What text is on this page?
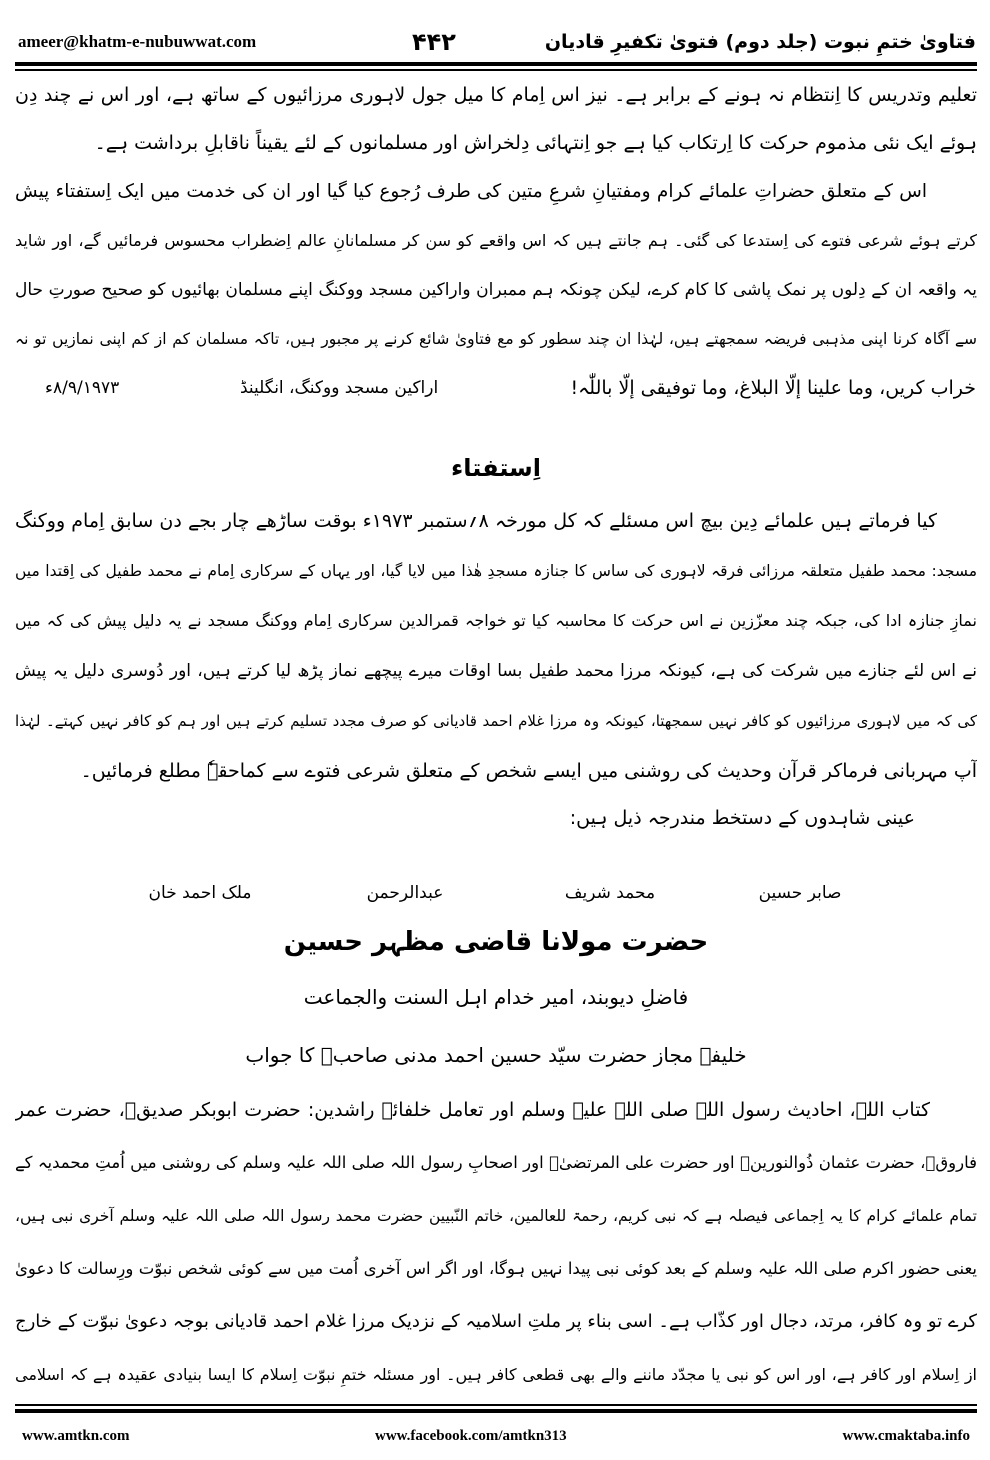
ameer@khatm-e-nubuwwat.com	۴۴۲	فتاویٰ ختمِ نبوت (جلد دوم) فتویٰ تکفیرِ قادیان
تعلیم وتدریس کا اِنتظام نہ ہونے کے برابر ہے۔ نیز اس اِمام کا میل جول لاہوری مرزائیوں کے ساتھ ہے، اور اس نے چند دِن
ہوئے ایک نئی مذموم حرکت کا اِرتکاب کیا ہے جو اِنتہائی دِلخراش اور مسلمانوں کے لئے یقیناً ناقابلِ برداشت ہے۔
اس کے متعلق حضراتِ علمائے کرام ومفتیانِ شرعِ متین کی طرف رُجوع کیا گیا اور ان کی خدمت میں ایک اِستفتاء پیش
کرتے ہوئے شرعی فتوے کی اِستدعا کی گئی۔ ہم جانتے ہیں کہ اس واقعے کو سن کر مسلمانانِ عالم اِضطراب محسوس فرمائیں گے، اور شاید
یہ واقعہ ان کے دِلوں پر نمک پاشی کا کام کرے، لیکن چونکہ ہم ممبران واراکین مسجد ووکنگ اپنے مسلمان بھائیوں کو صحیح صورتِ حال
سے آگاہ کرنا اپنی مذہبی فریضہ سمجھتے ہیں، لہٰذا ان چند سطور کو مع فتاویٰ شائع کرنے پر مجبور ہیں، تاکہ مسلمان کم از کم اپنی نمازیں تو نہ
خراب کریں، وما علینا إلّا البلاغ، وما توفیقی إلّا باللّٰہ!
اراکین مسجد ووکنگ، انگلینڈ
۸/۹/۱۹۷۳ء
اِستفتاء
کیا فرماتے ہیں علمائے دِین بیچ اس مسئلے کہ کل مورخہ ۸؍ستمبر ۱۹۷۳ء بوقت ساڑھے چار بجے دن سابق اِمام ووکنگ
مسجد: محمد طفیل متعلقہ مرزائی فرقہ لاہوری کی ساس کا جنازہ مسجدِ ھٰذا میں لایا گیا، اور یہاں کے سرکاری اِمام نے محمد طفیل کی اِقتدا میں
نمازِ جنازہ ادا کی، جبکہ چند معزّزین نے اس حرکت کا محاسبہ کیا تو خواجہ قمرالدین سرکاری اِمام ووکنگ مسجد نے یہ دلیل پیش کی کہ میں
نے اس لئے جنازے میں شرکت کی ہے، کیونکہ مرزا محمد طفیل بسا اوقات میرے پیچھے نماز پڑھ لیا کرتے ہیں، اور دُوسری دلیل یہ پیش
کی کہ میں لاہوری مرزائیوں کو کافر نہیں سمجھتا، کیونکہ وہ مرزا غلام احمد قادیانی کو صرف مجدد تسلیم کرتے ہیں اور ہم کو کافر نہیں کہتے۔ لہٰذا
آپ مہربانی فرماکر قرآن وحدیث کی روشنی میں ایسے شخص کے متعلق شرعی فتوے سے کماحقہٗ مطلع فرمائیں۔
عینی شاہدوں کے دستخط مندرجہ ذیل ہیں:
صابر حسین
محمد شریف
عبدالرحمن
ملک احمد خان
حضرت مولانا قاضی مظہر حسین
فاضلِ دیوبند، امیر خدام اہل السنت والجماعت
خلیفہ مجاز حضرت سیّد حسین احمد مدنی صاحبؒ کا جواب
کتاب اللہ، احادیث رسول اللہ صلی اللہ علیہ وسلم اور تعامل خلفائے راشدین: حضرت ابوبکر صدیقؓ، حضرت عمر
فاروقؓ، حضرت عثمان ذُوالنورینؓ اور حضرت علی المرتضیٰؓ اور اصحابِ رسول اللہ صلی اللہ علیہ وسلم کی روشنی میں اُمتِ محمدیہ کے
تمام علمائے کرام کا یہ اِجماعی فیصلہ ہے کہ نبی کریم، رحمۃ للعالمین، خاتم النّبیین حضرت محمد رسول اللہ صلی اللہ علیہ وسلم آخری نبی ہیں،
یعنی حضور اکرم صلی اللہ علیہ وسلم کے بعد کوئی نبی پیدا نہیں ہوگا، اور اگر اس آخری اُمت میں سے کوئی شخص نبوّت ورِسالت کا دعویٰ
کرے تو وہ کافر، مرتد، دجال اور کذّاب ہے۔ اسی بناء پر ملتِ اسلامیہ کے نزدیک مرزا غلام احمد قادیانی بوجہ دعویٰ نبوّت کے خارج
از اِسلام اور کافر ہے، اور اس کو نبی یا مجدّد ماننے والے بھی قطعی کافر ہیں۔ اور مسئلہ ختمِ نبوّت اِسلام کا ایسا بنیادی عقیدہ ہے کہ اسلامی
www.amtkn.com	www.facebook.com/amtkn313	www.cmaktaba.info
